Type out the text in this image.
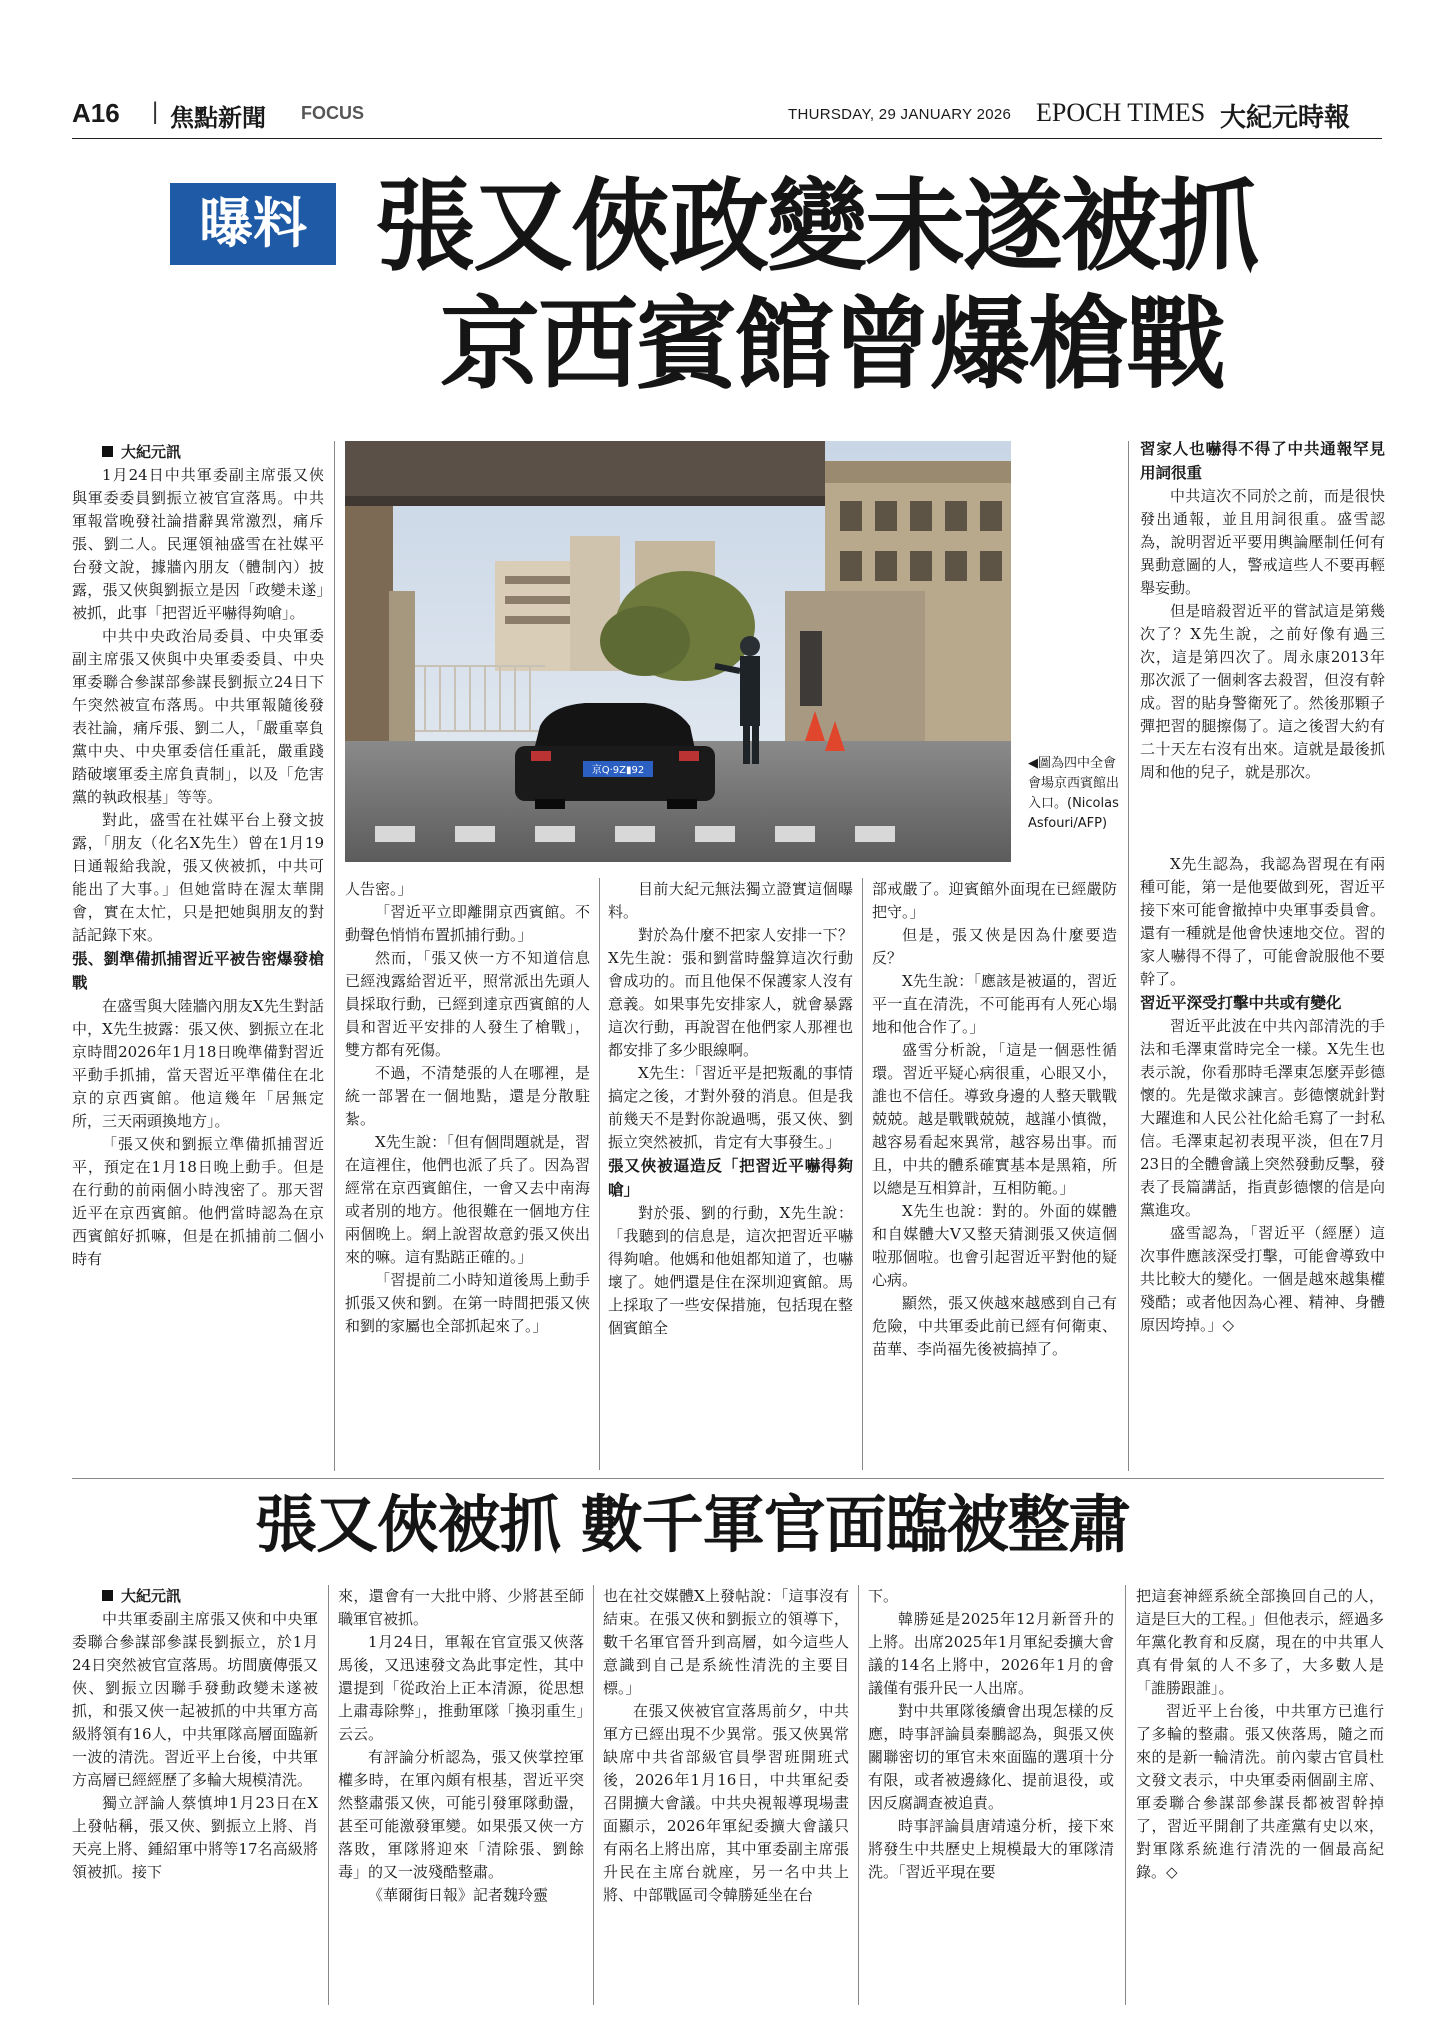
A16 | 焦點新聞 FOCUS	THURSDAY, 29 JANUARY 2026 EPOCH TIMES 大紀元時報
曝料 張又俠政變未遂被抓
京西賓館曾爆槍戰

大紀元訊

1月24日中共軍委副主席張又俠與軍委委員劉振立被官宣落馬。中共軍報當晚發社論措辭異常激烈，痛斥張、劉二人。民運領袖盛雪在社媒平台發文說，據牆內朋友（體制內）披露，張又俠與劉振立是因「政變未遂」被抓，此事「把習近平嚇得夠嗆」。

中共中央政治局委員、中央軍委副主席張又俠與中央軍委委員、中央軍委聯合參謀部參謀長劉振立24日下午突然被宣布落馬。中共軍報隨後發表社論，痛斥張、劉二人，「嚴重辜負黨中央、中央軍委信任重託，嚴重踐踏破壞軍委主席負責制」，以及「危害黨的執政根基」等等。

對此，盛雪在社媒平台上發文披露，「朋友（化名X先生）曾在1月19日通報給我說，張又俠被抓，中共可能出了大事。」但她當時在渥太華開會，實在太忙，只是把她與朋友的對話記錄下來。

張、劉準備抓捕習近平被告密爆發槍戰

在盛雪與大陸牆內朋友X先生對話中，X先生披露：張又俠、劉振立在北京時間2026年1月18日晚準備對習近平動手抓捕，當天習近平準備住在北京的京西賓館。他這幾年「居無定所，三天兩頭換地方」。

「張又俠和劉振立準備抓捕習近平，預定在1月18日晚上動手。但是在行動的前兩個小時洩密了。那天習近平在京西賓館。他們當時認為在京西賓館好抓嘛，但是在抓捕前二個小時有

京Q·9Z▮92	◀圖為四中全會會場京西賓館出入口。(Nicolas Asfouri/AFP)

人告密。」

「習近平立即離開京西賓館。不動聲色悄悄布置抓捕行動。」

然而，「張又俠一方不知道信息已經洩露給習近平，照常派出先頭人員採取行動，已經到達京西賓館的人員和習近平安排的人發生了槍戰」，雙方都有死傷。

不過，不清楚張的人在哪裡，是統一部署在一個地點，還是分散駐紮。

X先生說：「但有個問題就是，習在這裡住，他們也派了兵了。因為習經常在京西賓館住，一會又去中南海或者別的地方。他很難在一個地方住兩個晚上。網上說習故意釣張又俠出來的嘛。這有點踮正確的。」

「習提前二小時知道後馬上動手抓張又俠和劉。在第一時間把張又俠和劉的家屬也全部抓起來了。」

目前大紀元無法獨立證實這個曝料。

對於為什麼不把家人安排一下？X先生說：張和劉當時盤算這次行動會成功的。而且他保不保護家人沒有意義。如果事先安排家人，就會暴露這次行動，再說習在他們家人那裡也都安排了多少眼線啊。

X先生：「習近平是把叛亂的事情搞定之後，才對外發的消息。但是我前幾天不是對你說過嗎，張又俠、劉振立突然被抓，肯定有大事發生。」

張又俠被逼造反「把習近平嚇得夠嗆」

對於張、劉的行動，X先生說：「我聽到的信息是，這次把習近平嚇得夠嗆。他媽和他姐都知道了，也嚇壞了。她們還是住在深圳迎賓館。馬上採取了一些安保措施，包括現在整個賓館全

部戒嚴了。迎賓館外面現在已經嚴防把守。」

但是，張又俠是因為什麼要造反？

X先生說：「應該是被逼的，習近平一直在清洗，不可能再有人死心塌地和他合作了。」

盛雪分析說，「這是一個惡性循環。習近平疑心病很重，心眼又小，誰也不信任。導致身邊的人整天戰戰兢兢。越是戰戰兢兢，越謹小慎微，越容易看起來異常，越容易出事。而且，中共的體系確實基本是黑箱，所以總是互相算計，互相防範。」

X先生也說：對的。外面的媒體和自媒體大V又整天猜測張又俠這個啦那個啦。也會引起習近平對他的疑心病。

顯然，張又俠越來越感到自己有危險，中共軍委此前已經有何衛東、苗華、李尚福先後被搞掉了。

習家人也嚇得不得了中共通報罕見用詞很重

中共這次不同於之前，而是很快發出通報，並且用詞很重。盛雪認為，說明習近平要用輿論壓制任何有異動意圖的人，警戒這些人不要再輕舉妄動。

但是暗殺習近平的嘗試這是第幾次了？X先生說，之前好像有過三次，這是第四次了。周永康2013年那次派了一個刺客去殺習，但沒有幹成。習的貼身警衛死了。然後那顆子彈把習的腿擦傷了。這之後習大約有二十天左右沒有出來。這就是最後抓周和他的兒子，就是那次。

X先生認為，我認為習現在有兩種可能，第一是他要做到死，習近平接下來可能會撤掉中央軍事委員會。還有一種就是他會快速地交位。習的家人嚇得不得了，可能會說服他不要幹了。

習近平深受打擊中共或有變化

習近平此波在中共內部清洗的手法和毛澤東當時完全一樣。X先生也表示說，你看那時毛澤東怎麼弄彭德懷的。先是徵求諫言。彭德懷就針對大躍進和人民公社化給毛寫了一封私信。毛澤東起初表現平淡，但在7月23日的全體會議上突然發動反擊，發表了長篇講話，指責彭德懷的信是向黨進攻。

盛雪認為，「習近平（經歷）這次事件應該深受打擊，可能會導致中共比較大的變化。一個是越來越集權殘酷；或者他因為心裡、精神、身體原因垮掉。」◇

張又俠被抓 數千軍官面臨被整肅

大紀元訊

中共軍委副主席張又俠和中央軍委聯合參謀部參謀長劉振立，於1月24日突然被官宣落馬。坊間廣傳張又俠、劉振立因聯手發動政變未遂被抓，和張又俠一起被抓的中共軍方高級將領有16人，中共軍隊高層面臨新一波的清洗。習近平上台後，中共軍方高層已經經歷了多輪大規模清洗。

獨立評論人蔡慎坤1月23日在X上發帖稱，張又俠、劉振立上將、肖天亮上將、鍾紹軍中將等17名高級將領被抓。接下

來，還會有一大批中將、少將甚至師職軍官被抓。

1月24日，軍報在官宣張又俠落馬後，又迅速發文為此事定性，其中還提到「從政治上正本清源，從思想上肅毒除弊」，推動軍隊「換羽重生」云云。

有評論分析認為，張又俠掌控軍權多時，在軍內頗有根基，習近平突然整肅張又俠，可能引發軍隊動盪，甚至可能激發軍變。如果張又俠一方落敗，軍隊將迎來「清除張、劉餘毒」的又一波殘酷整肅。

《華爾街日報》記者魏玲靈

也在社交媒體X上發帖說：「這事沒有結束。在張又俠和劉振立的領導下，數千名軍官晉升到高層，如今這些人意識到自己是系統性清洗的主要目標。」

在張又俠被官宣落馬前夕，中共軍方已經出現不少異常。張又俠異常缺席中共省部級官員學習班開班式後，2026年1月16日，中共軍紀委召開擴大會議。中共央視報導現場畫面顯示，2026年軍紀委擴大會議只有兩名上將出席，其中軍委副主席張升民在主席台就座，另一名中共上將、中部戰區司令韓勝延坐在台

下。

韓勝延是2025年12月新晉升的上將。出席2025年1月軍紀委擴大會議的14名上將中，2026年1月的會議僅有張升民一人出席。

對中共軍隊後續會出現怎樣的反應，時事評論員秦鵬認為，與張又俠關聯密切的軍官未來面臨的選項十分有限，或者被邊緣化、提前退役，或因反腐調查被追責。

時事評論員唐靖遠分析，接下來將發生中共歷史上規模最大的軍隊清洗。「習近平現在要

把這套神經系統全部換回自己的人，這是巨大的工程。」但他表示，經過多年黨化教育和反腐，現在的中共軍人真有骨氣的人不多了，大多數人是「誰勝跟誰」。

習近平上台後，中共軍方已進行了多輪的整肅。張又俠落馬，隨之而來的是新一輪清洗。前內蒙古官員杜文發文表示，中央軍委兩個副主席、軍委聯合參謀部參謀長都被習幹掉了，習近平開創了共產黨有史以來，對軍隊系統進行清洗的一個最高紀錄。◇
